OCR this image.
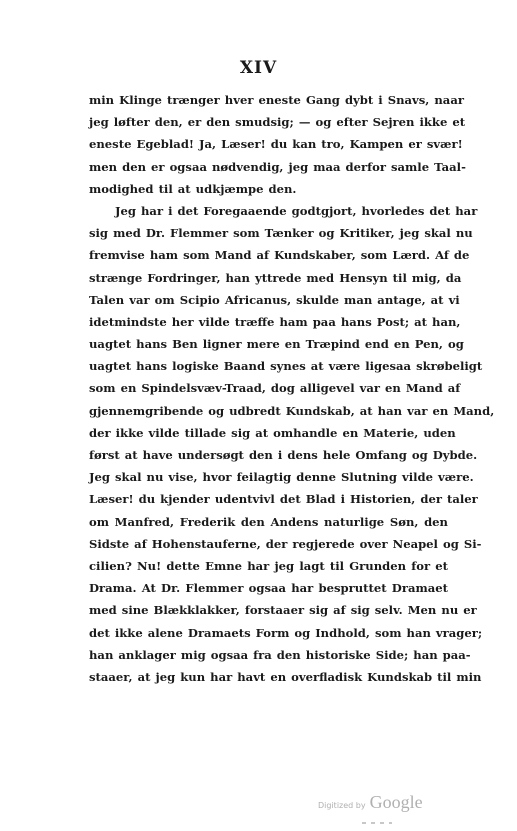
XIV
min Klinge trænger hver eneste Gang dybt i Snavs, naar
jeg løfter den, er den smudsig; — og efter Sejren ikke et
eneste Egeblad! Ja, Læser! du kan tro, Kampen er svær!
men den er ogsaa nødvendig, jeg maa derfor samle Taal-
modighed til at udkjæmpe den.
Jeg har i det Foregaaende godtgjort, hvorledes det har
sig med Dr. Flemmer som Tænker og Kritiker, jeg skal nu
fremvise ham som Mand af Kundskaber, som Lærd. Af de
strænge Fordringer, han yttrede med Hensyn til mig, da
Talen var om Scipio Africanus, skulde man antage, at vi
idetmindste her vilde træffe ham paa hans Post; at han,
uagtet hans Ben ligner mere en Træpind end en Pen, og
uagtet hans logiske Baand synes at være ligesaa skrøbeligt
som en Spindelsvæv-Traad, dog alligevel var en Mand af
gjennemgribende og udbredt Kundskab, at han var en Mand,
der ikke vilde tillade sig at omhandle en Materie, uden
først at have undersøgt den i dens hele Omfang og Dybde.
Jeg skal nu vise, hvor feilagtig denne Slutning vilde være.
Læser! du kjender udentvivl det Blad i Historien, der taler
om Manfred, Frederik den Andens naturlige Søn, den
Sidste af Hohenstauferne, der regjerede over Neapel og Si-
cilien? Nu! dette Emne har jeg lagt til Grunden for et
Drama. At Dr. Flemmer ogsaa har bespruttet Dramaet
med sine Blækklakker, forstaaer sig af sig selv. Men nu er
det ikke alene Dramaets Form og Indhold, som han vrager;
han anklager mig ogsaa fra den historiske Side; han paa-
staaer, at jeg kun har havt en overfladisk Kundskab til min
Digitized by Google
